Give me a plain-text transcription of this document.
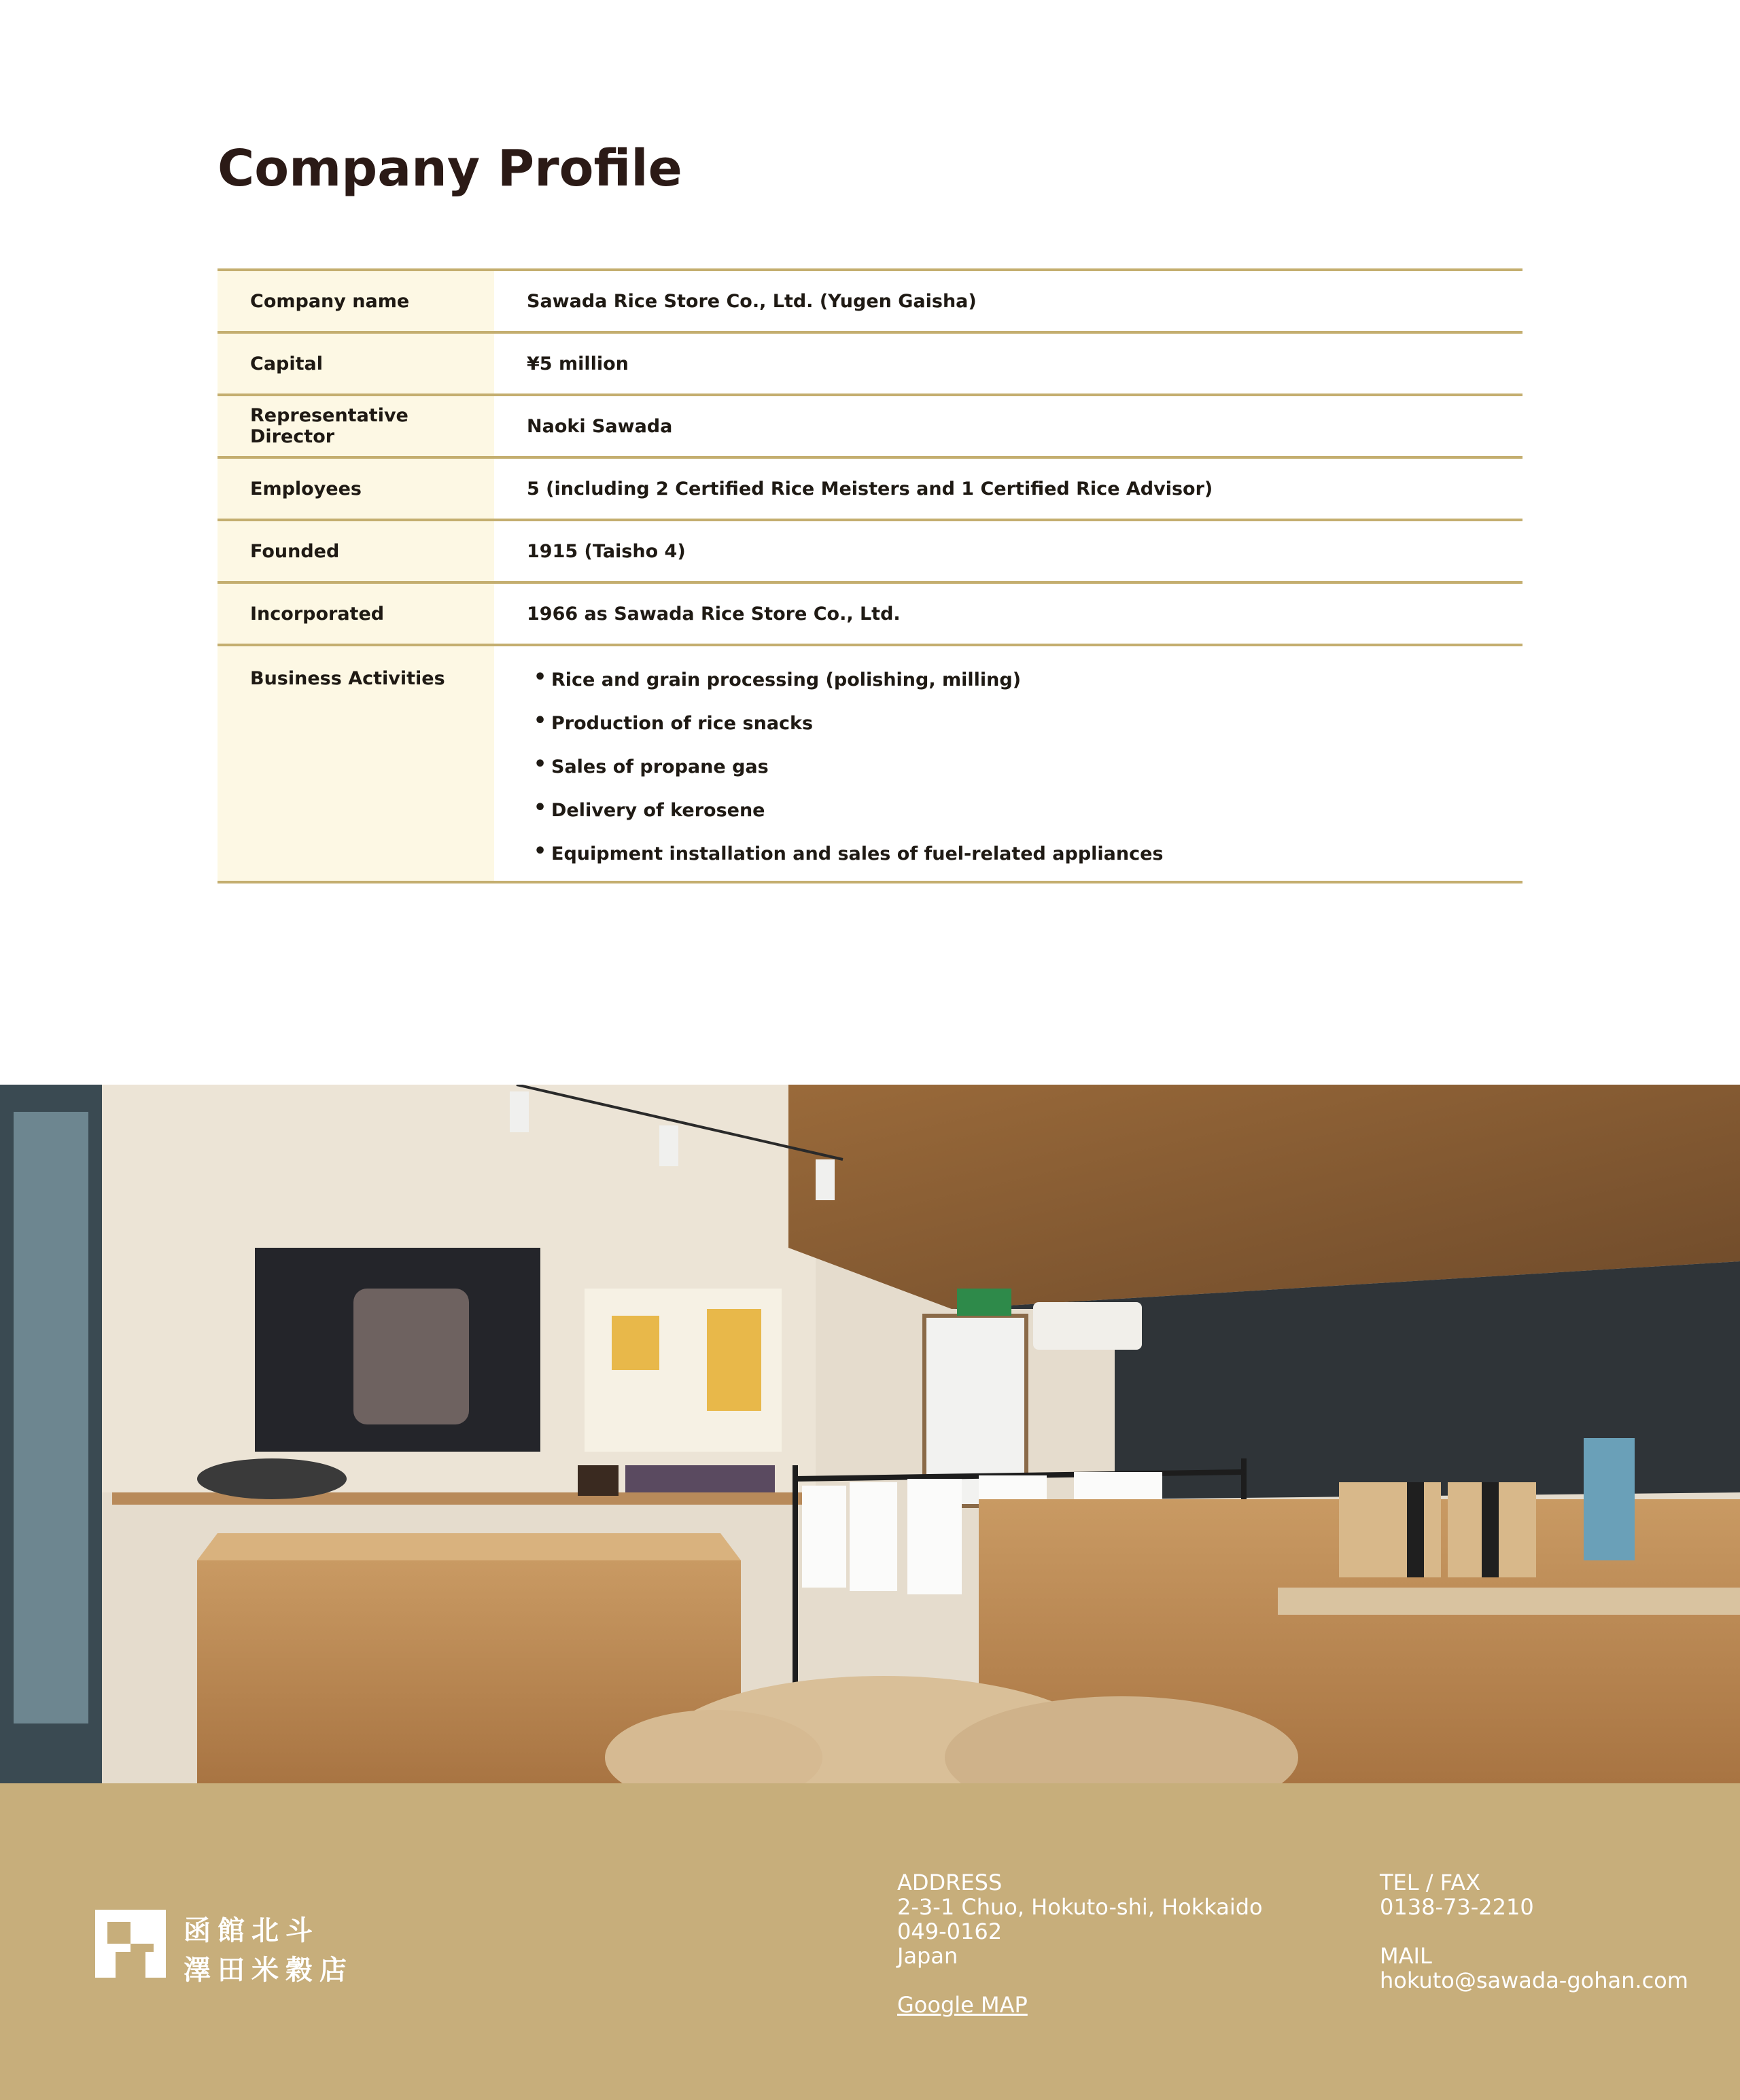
Company Profile
Company name	Sawada Rice Store Co., Ltd. (Yugen Gaisha)
Capital	¥5 million
Representative Director	Naoki Sawada
Employees	5 (including 2 Certified Rice Meisters and 1 Certified Rice Advisor)
Founded	1915 (Taisho 4)
Incorporated	1966 as Sawada Rice Store Co., Ltd.
Business Activities
•	Rice and grain processing (polishing, milling)
• Production of rice snacks
• Sales of propane gas
• Delivery of kerosene
• Equipment installation and sales of fuel-related appliances
函館北斗
澤田米穀店
ADDRESS
2-3-1 Chuo, Hokuto-shi, Hokkaido
049-0162
Japan
Google MAP
TEL / FAX
0138-73-2210
MAIL
hokuto@sawada-gohan.com
